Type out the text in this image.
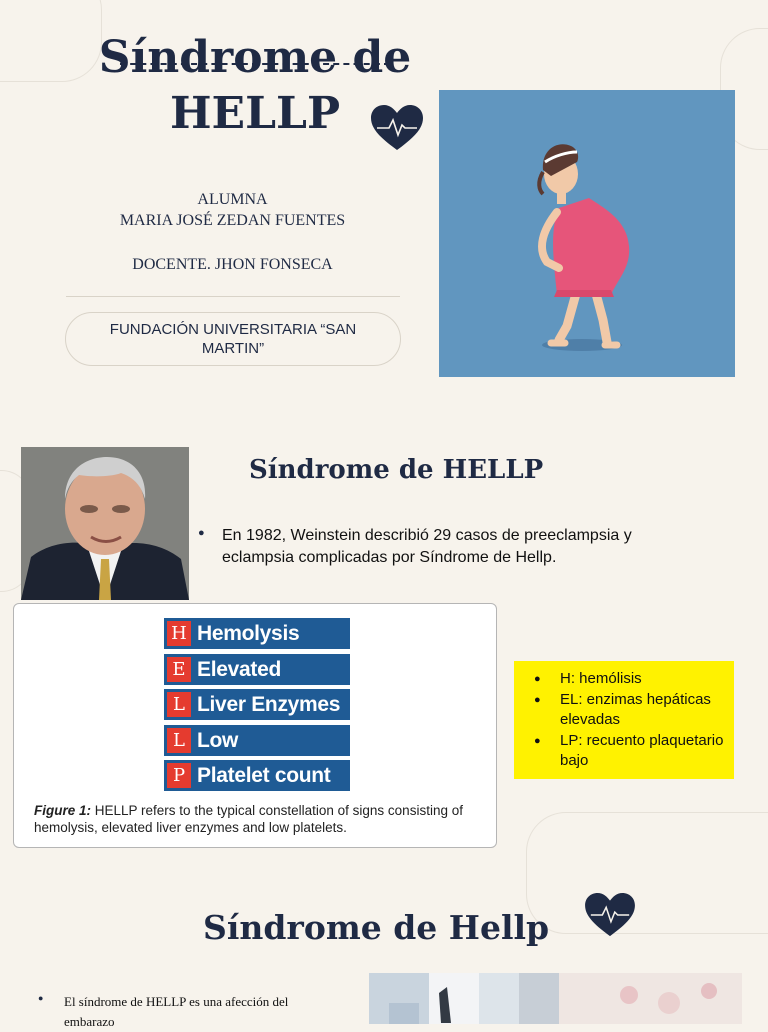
Síndrome de
HELLP
ALUMNA
MARIA JOSÉ ZEDAN FUENTES
DOCENTE. JHON FONSECA
FUNDACIÓN UNIVERSITARIA “SAN MARTIN”
Síndrome de HELLP
● En 1982, Weinstein describió 29 casos de preeclampsia y eclampsia complicadas por Síndrome de Hellp.
H Hemolysis
E Elevated
L Liver Enzymes
L Low
P Platelet count
Figure 1: HELLP refers to the typical constellation of signs consisting of hemolysis, elevated liver enzymes and low platelets.
● H: hemólisis
● EL: enzimas hepáticas elevadas
● LP: recuento plaquetario bajo
Síndrome de Hellp
● El síndrome de HELLP es una afección del embarazo
